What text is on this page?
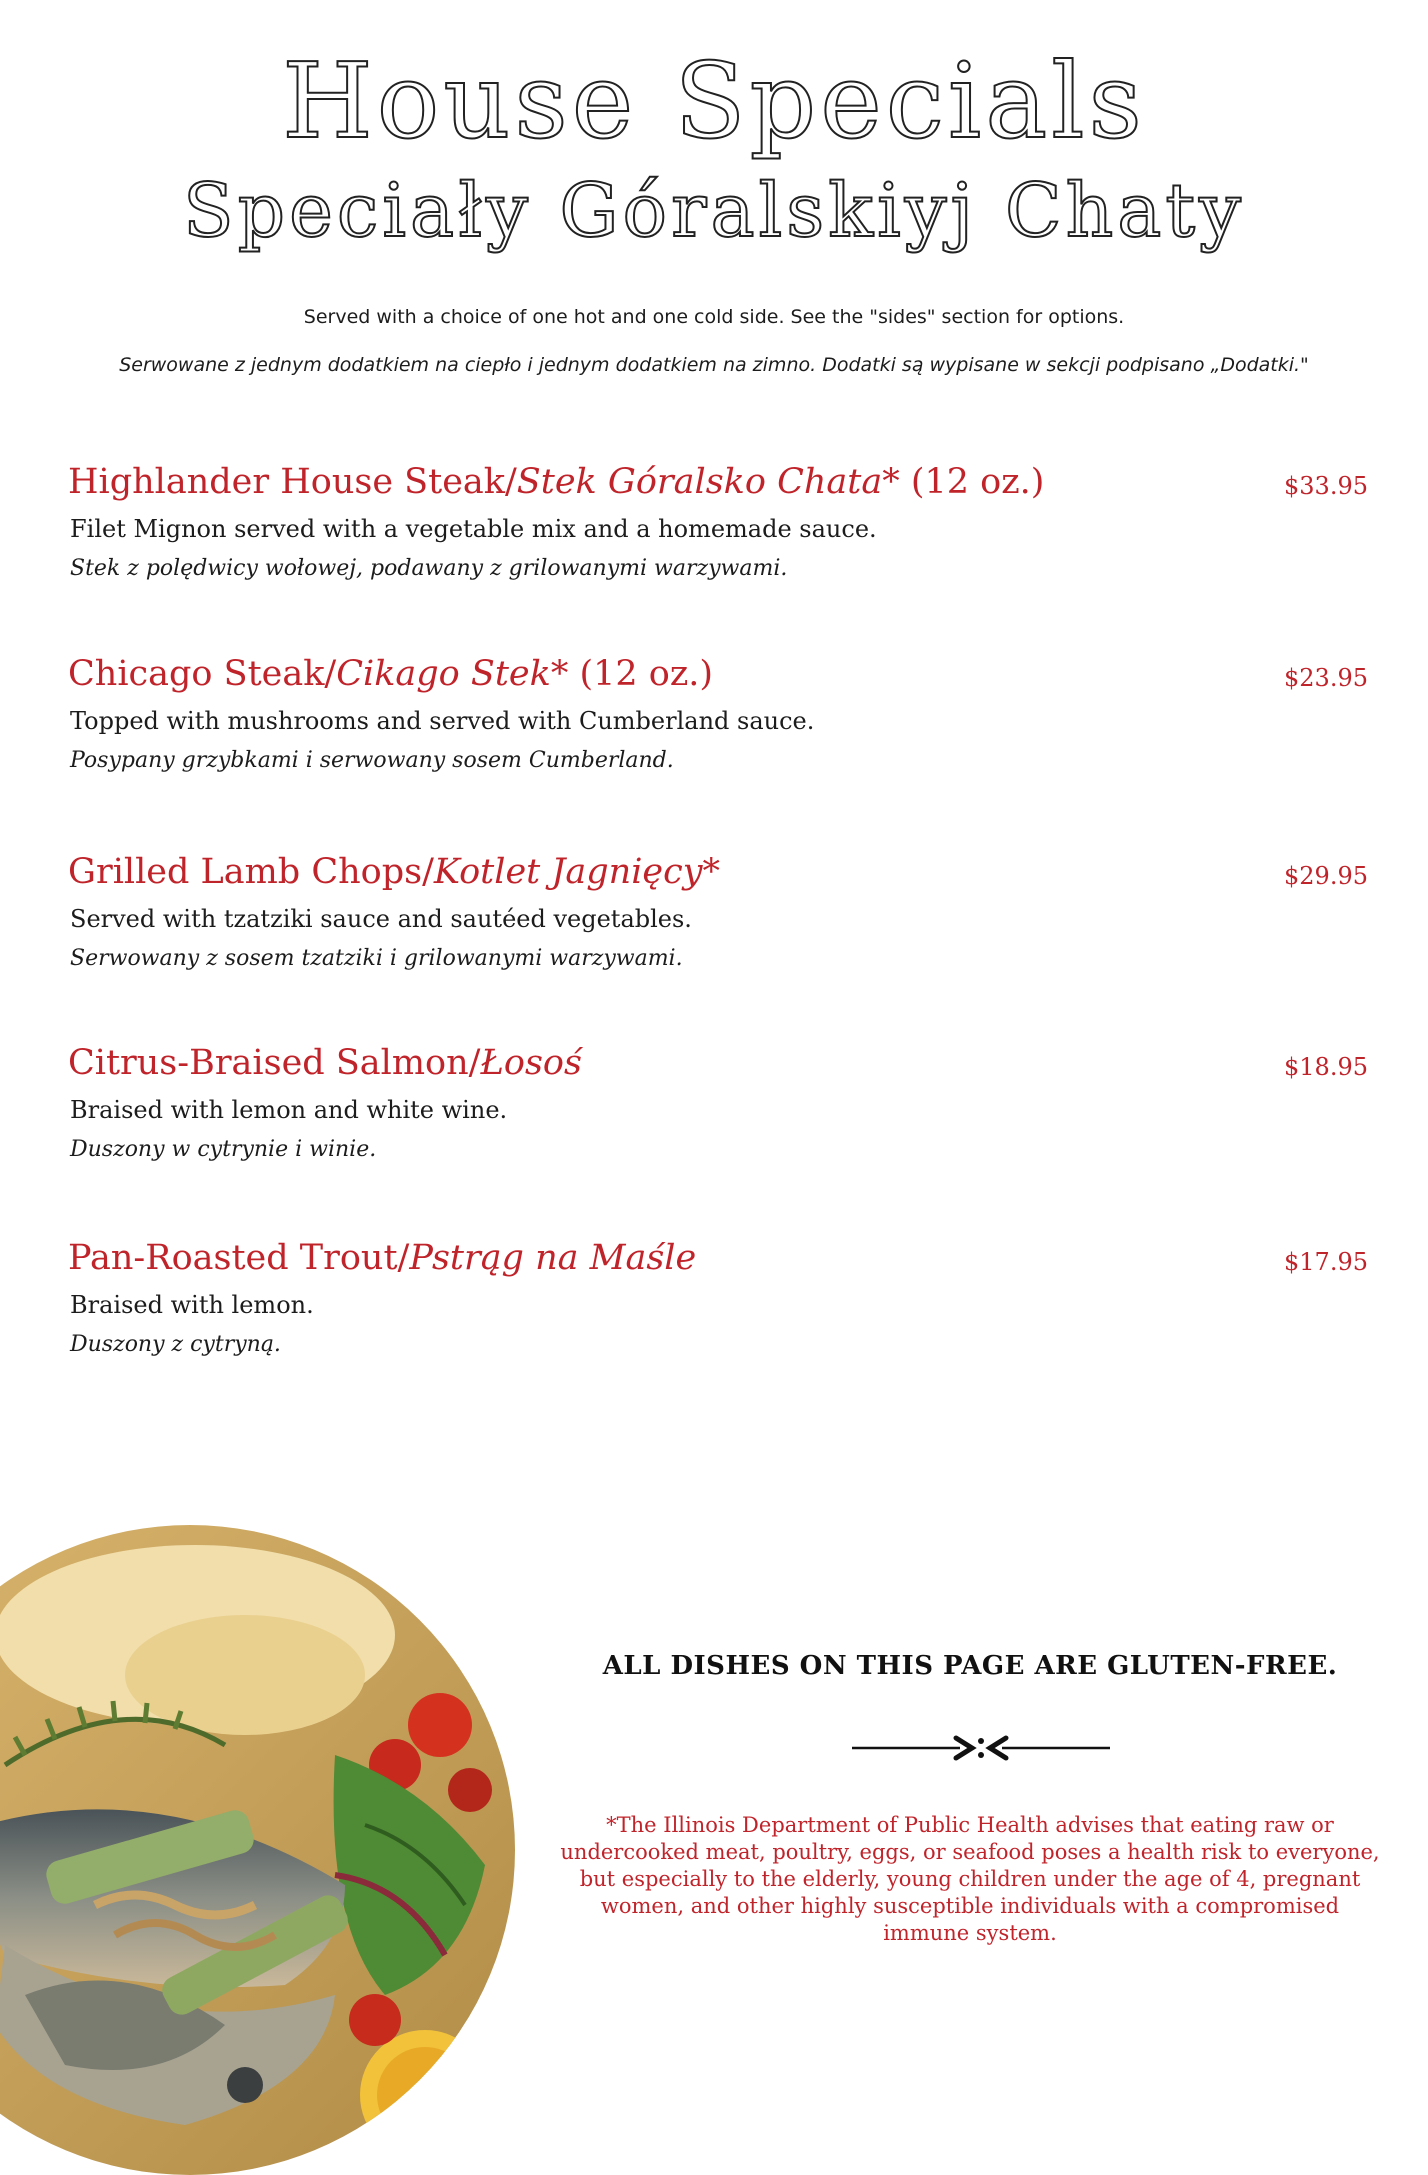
House Specials
Speciały Góralskiyj Chaty
Served with a choice of one hot and one cold side. See the "sides" section for options.
Serwowane z jednym dodatkiem na ciepło i jednym dodatkiem na zimno. Dodatki są wypisane w sekcji podpisano „Dodatki."
Highlander House Steak/Stek Góralsko Chata* (12 oz.)	$33.95
Filet Mignon served with a vegetable mix and a homemade sauce.
Stek z polędwicy wołowej, podawany z grilowanymi warzywami.
Chicago Steak/Cikago Stek* (12 oz.)	$23.95
Topped with mushrooms and served with Cumberland sauce.
Posypany grzybkami i serwowany sosem Cumberland.
Grilled Lamb Chops/Kotlet Jagnięcy*	$29.95
Served with tzatziki sauce and sautéed vegetables.
Serwowany z sosem tzatziki i grilowanymi warzywami.
Citrus-Braised Salmon/Łosoś	$18.95
Braised with lemon and white wine.
Duszony w cytrynie i winie.
Pan-Roasted Trout/Pstrąg na Maśle	$17.95
Braised with lemon.
Duszony z cytryną.
ALL DISHES ON THIS PAGE ARE GLUTEN-FREE.
*The Illinois Department of Public Health advises that eating raw or undercooked meat, poultry, eggs, or seafood poses a health risk to everyone, but especially to the elderly, young children under the age of 4, pregnant women, and other highly susceptible individuals with a compromised immune system.
